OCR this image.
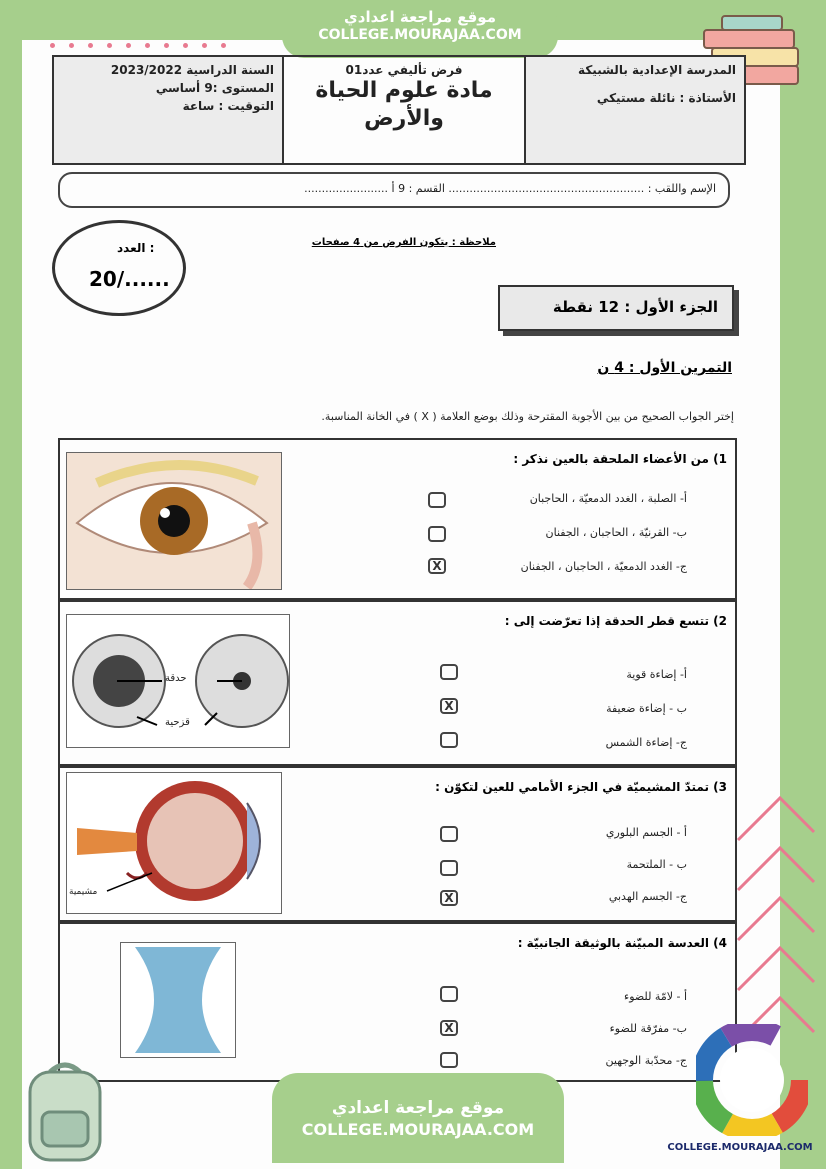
موقع مراجعة اعدادي
COLLEGE.MOURAJAA.COM
المدرسة الإعدادية بالشبيكة
الأستاذة : نائلة مستيكي
فرض تأليفي عدد01
مادة علوم الحياة
والأرض
السنة الدراسية 2023/2022
المستوى :9 أساسي
التوقيت : ساعة
الإسم واللقب : ........................................................ القسم : 9 أ ........................
العدد :
20/......
ملاحظة : يتكون الفرض من 4 صفحات
الجزء الأول : 12 نقطة
التمرين الأول : 4 ن
إختر الجواب الصحيح من بين الأجوبة المقترحة وذلك بوضع العلامة ( X ) في الخانة المناسبة.
1) من الأعضاء الملحقة بالعين نذكر :
أ- الصلبة ، الغدد الدمعيّة ، الحاجبان
ب- القرنيّة ، الحاجبان ، الجفنان
ج- الغدد الدمعيّة ، الحاجبان ، الجفنان
X
2) تتسع قطر الحدقة إذا تعرّضت إلى :
حدقة
قزحية
أ- إضاءة قوية
ب - إضاءة ضعيفة
ج- إضاءة الشمس
X
3) تمتدّ المشيميّة في الجزء الأمامي للعين لتكوّن :
مشيمية
أ - الجسم البلوري
ب - الملتحمة
ج- الجسم الهدبي
X
4) العدسة المبيّنة بالوثيقة الجانبيّة :
أ - لامّة للضوء
ب- مفرّقة للضوء
ج- محدّبة الوجهين
X
موقع مراجعة اعدادي
COLLEGE.MOURAJAA.COM
COLLEGE.MOURAJAA.COM
